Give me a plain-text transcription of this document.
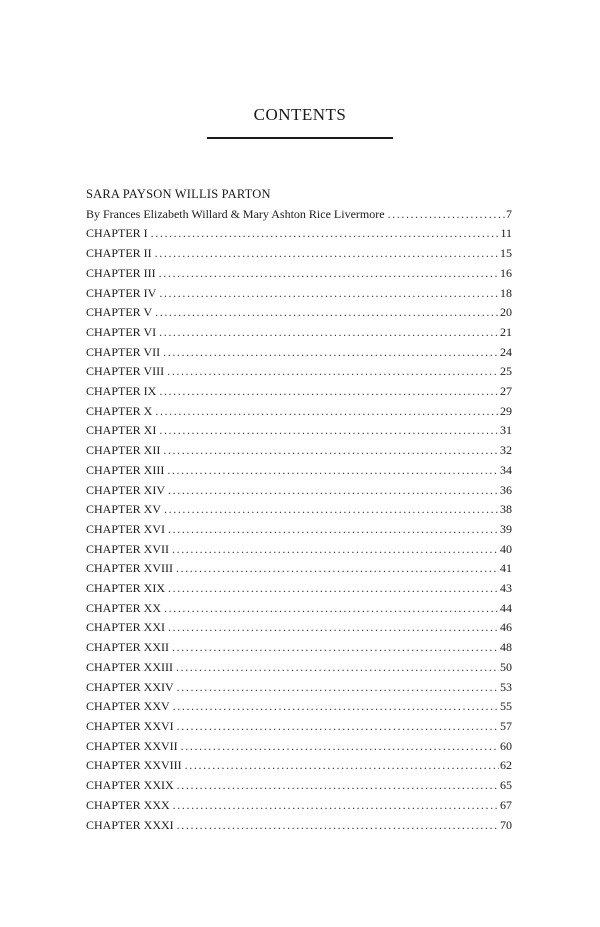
CONTENTS
SARA PAYSON WILLIS PARTON
By Frances Elizabeth Willard & Mary Ashton Rice Livermore .....	7
CHAPTER I .....	11
CHAPTER II .....	15
CHAPTER III .....	16
CHAPTER IV .....	18
CHAPTER V .....	20
CHAPTER VI .....	21
CHAPTER VII .....	24
CHAPTER VIII .....	25
CHAPTER IX .....	27
CHAPTER X .....	29
CHAPTER XI .....	31
CHAPTER XII .....	32
CHAPTER XIII .....	34
CHAPTER XIV .....	36
CHAPTER XV .....	38
CHAPTER XVI .....	39
CHAPTER XVII .....	40
CHAPTER XVIII .....	41
CHAPTER XIX .....	43
CHAPTER XX .....	44
CHAPTER XXI .....	46
CHAPTER XXII .....	48
CHAPTER XXIII .....	50
CHAPTER XXIV .....	53
CHAPTER XXV .....	55
CHAPTER XXVI .....	57
CHAPTER XXVII .....	60
CHAPTER XXVIII .....	62
CHAPTER XXIX .....	65
CHAPTER XXX .....	67
CHAPTER XXXI .....	70
